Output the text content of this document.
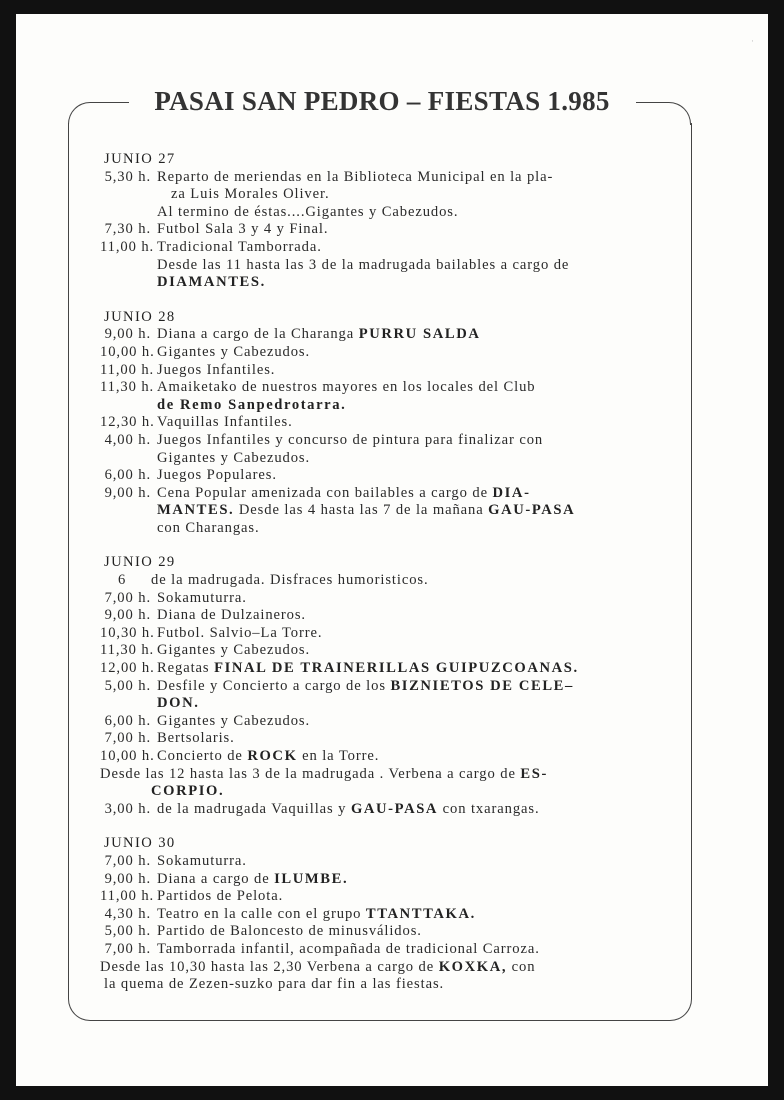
·
PASAI SAN PEDRO – FIESTAS 1.985
JUNIO 27
5,30 h. Reparto de meriendas en la Biblioteca Municipal en la pla-
za Luis Morales Oliver.
Al termino de éstas....Gigantes y Cabezudos.
7,30 h. Futbol Sala 3 y 4 y Final.
11,00 h. Tradicional Tamborrada.
Desde las 11 hasta las 3 de la madrugada bailables a cargo de
DIAMANTES.
JUNIO 28
9,00 h. Diana a cargo de la Charanga PURRU SALDA
10,00 h. Gigantes y Cabezudos.
11,00 h. Juegos Infantiles.
11,30 h. Amaiketako de nuestros mayores en los locales del Club
de Remo Sanpedrotarra.
12,30 h. Vaquillas Infantiles.
4,00 h. Juegos Infantiles y concurso de pintura para finalizar con
Gigantes y Cabezudos.
6,00 h. Juegos Populares.
9,00 h. Cena Popular amenizada con bailables a cargo de DIA-
MANTES. Desde las 4 hasta las 7 de la mañana GAU-PASA
con Charangas.
JUNIO 29
6	de la madrugada. Disfraces humoristicos.
7,00 h. Sokamuturra.
9,00 h. Diana de Dulzaineros.
10,30 h. Futbol. Salvio–La Torre.
11,30 h. Gigantes y Cabezudos.
12,00 h. Regatas FINAL DE TRAINERILLAS GUIPUZCOANAS.
5,00 h. Desfile y Concierto a cargo de los BIZNIETOS DE CELE–
DON.
6,00 h. Gigantes y Cabezudos.
7,00 h. Bertsolaris.
10,00 h. Concierto de ROCK en la Torre.
Desde las 12 hasta las 3 de la madrugada . Verbena a cargo de ES-
CORPIO.
3,00 h. de la madrugada Vaquillas y GAU-PASA con txarangas.
JUNIO 30
7,00 h. Sokamuturra.
9,00 h. Diana a cargo de ILUMBE.
11,00 h. Partidos de Pelota.
4,30 h. Teatro en la calle con el grupo TTANTTAKA.
5,00 h. Partido de Baloncesto de minusválidos.
7,00 h. Tamborrada infantil, acompañada de tradicional Carroza.
Desde las 10,30 hasta las 2,30 Verbena a cargo de KOXKA, con
la quema de Zezen-suzko para dar fin a las fiestas.
